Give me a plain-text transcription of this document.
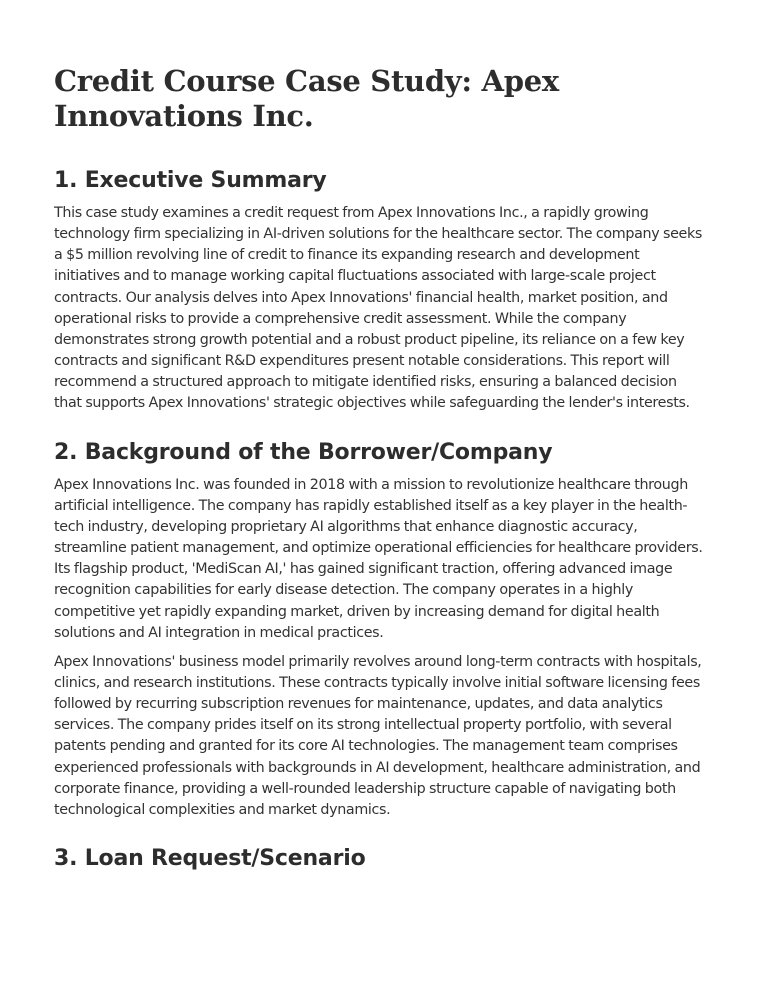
Credit Course Case Study: Apex Innovations Inc.
1. Executive Summary

This case study examines a credit request from Apex Innovations Inc., a rapidly growing technology firm specializing in AI-driven solutions for the healthcare sector. The company seeks a $5 million revolving line of credit to finance its expanding research and development initiatives and to manage working capital fluctuations associated with large-scale project contracts. Our analysis delves into Apex Innovations' financial health, market position, and operational risks to provide a comprehensive credit assessment. While the company demonstrates strong growth potential and a robust product pipeline, its reliance on a few key contracts and significant R&D expenditures present notable considerations. This report will recommend a structured approach to mitigate identified risks, ensuring a balanced decision that supports Apex Innovations' strategic objectives while safeguarding the lender's interests.

2. Background of the Borrower/Company

Apex Innovations Inc. was founded in 2018 with a mission to revolutionize healthcare through artificial intelligence. The company has rapidly established itself as a key player in the health-tech industry, developing proprietary AI algorithms that enhance diagnostic accuracy, streamline patient management, and optimize operational efficiencies for healthcare providers. Its flagship product, 'MediScan AI,' has gained significant traction, offering advanced image recognition capabilities for early disease detection. The company operates in a highly competitive yet rapidly expanding market, driven by increasing demand for digital health solutions and AI integration in medical practices.

Apex Innovations' business model primarily revolves around long-term contracts with hospitals, clinics, and research institutions. These contracts typically involve initial software licensing fees followed by recurring subscription revenues for maintenance, updates, and data analytics services. The company prides itself on its strong intellectual property portfolio, with several patents pending and granted for its core AI technologies. The management team comprises experienced professionals with backgrounds in AI development, healthcare administration, and corporate finance, providing a well-rounded leadership structure capable of navigating both technological complexities and market dynamics.

3. Loan Request/Scenario
